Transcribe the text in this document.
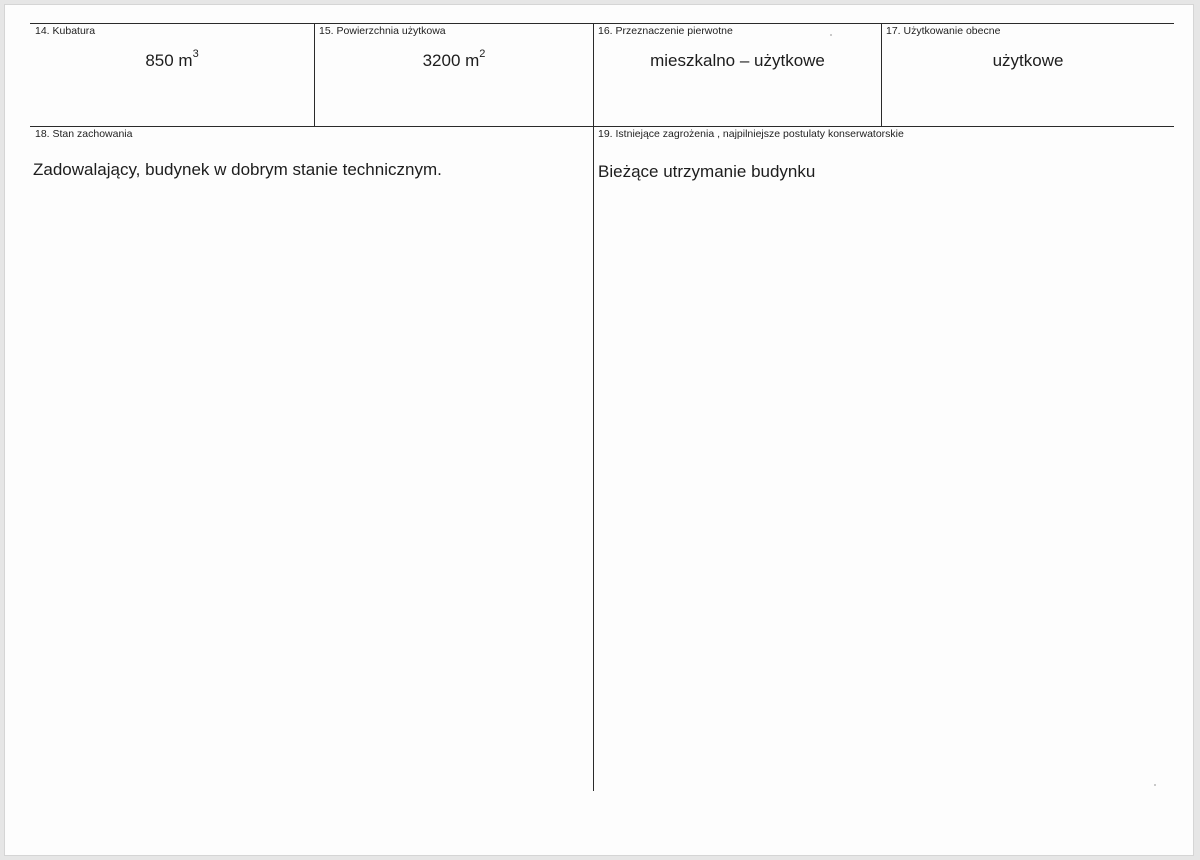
14. Kubatura
850 $m^3$
15. Powierzchnia użytkowa
3200 $m^2$
16. Przeznaczenie pierwotne
mieszkalno – użytkowe
17. Użytkowanie obecne
użytkowe
18. Stan zachowania
Zadowalający, budynek w dobrym stanie technicznym.
19. Istniejące zagrożenia , najpilniejsze postulaty konserwatorskie
Bieżące utrzymanie budynku
